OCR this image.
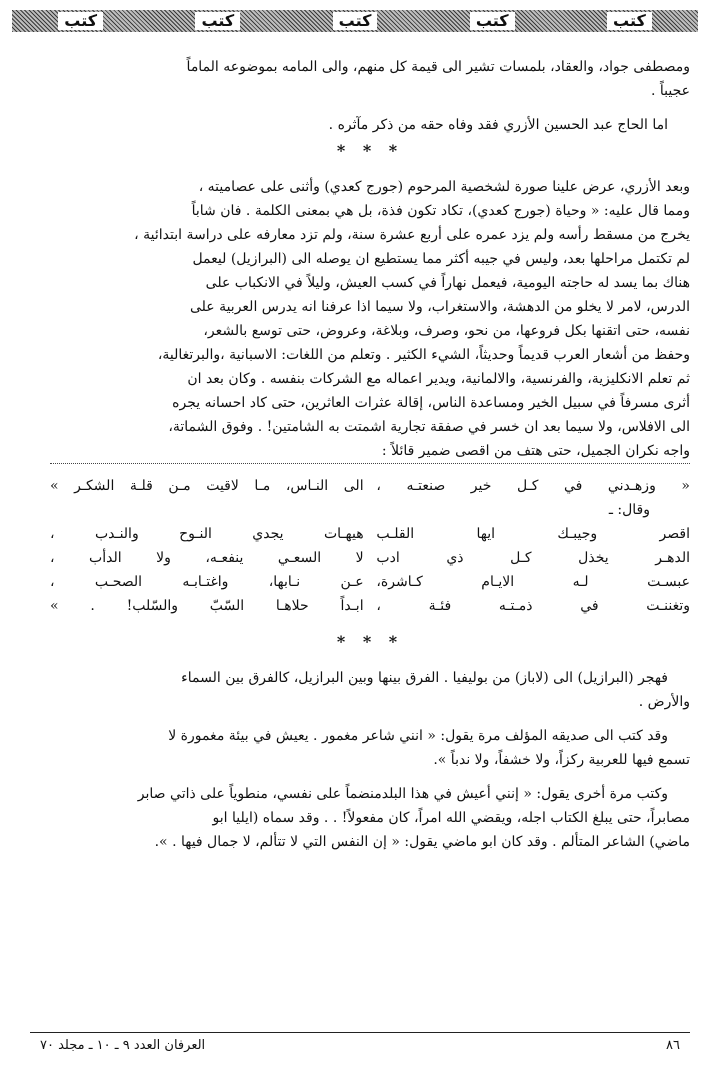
كتب
كتب
كتب
كتب
كتب

ومصطفى جواد، والعقاد، بلمسات تشير الى قيمة كل منهم، والى المامه بموضوعه الماماً
عجيباً .

اما الحاج عبد الحسين الأزري فقد وفاه حقه من ذكر مآثره .

* * *

وبعد الأزري، عرض علينا صورة لشخصية المرحوم (جورج كعدي) وأثنى على عصاميته ،
ومما قال عليه: « وحياة (جورج كعدي)، تكاد تكون فذة، بل هي بمعنى الكلمة . فان شاباً
يخرج من مسقط رأسه ولم يزد عمره على أربع عشرة سنة، ولم تزد معارفه على دراسة ابتدائية ،
لم تكتمل مراحلها بعد، وليس في جيبه أكثر مما يستطيع ان يوصله الى (البرازيل) ليعمل
هناك بما يسد له حاجته اليومية، فيعمل نهاراً في كسب العيش، وليلاً في الانكباب على
الدرس، لامر لا يخلو من الدهشة، والاستغراب، ولا سيما اذا عرفنا انه يدرس العربية على
نفسه، حتى اتقنها بكل فروعها، من نحو، وصرف، وبلاغة، وعروض، حتى توسع بالشعر،
وحفظ من أشعار العرب قديماً وحديثاً، الشيء الكثير . وتعلم من اللغات: الاسبانية ،والبرتغالية،
ثم تعلم الانكليزية، والفرنسية، والالمانية، ويدير اعماله مع الشركات بنفسه . وكان بعد ان
أثرى مسرفاً في سبيل الخير ومساعدة الناس، إقالة عثرات العاثرين، حتى كاد احسانه يجره
الى الافلاس، ولا سيما بعد ان خسر في صفقة تجارية اشمتت به الشامتين! . وفوق الشماتة،
واجه نكران الجميل، حتى هتف من اقصى ضمير قائلاً :

« وزهـدني في كـل خير صنعتـه ،
الى النـاس، مـا لاقيت مـن قلـة الشكـر »
وقال: ـ
اقصر وجيبـك ايها القلـب
هيهـات يجدي النـوح والنـدب ،
الدهـر يخذل كـل ذي ادب
لا السعـي ينفعـه، ولا الدأب ،
عبسـت لـه الايـام كـاشرة،
عـن نـابها، واغتـابـه الصحـب ،
وتغننـت في ذمـتـه فئـة ،
ابـداً حلاهـا السّبّ والسّلب! . »
* * *

فهجر (البرازيل) الى (لاباز) من بوليفيا . الفرق بينها وبين البرازيل، كالفرق بين السماء
والأرض .

وقد كتب الى صديقه المؤلف مرة يقول: « انني شاعر مغمور . يعيش في بيئة مغمورة لا
تسمع فيها للعربية ركزاً، ولا خشفاً، ولا ندباً ».

وكتب مرة أخرى يقول: « إنني أعيش في هذا البلدمنضماً على نفسي، منطوياً على ذاتي صابر
مصابراً، حتى يبلغ الكتاب اجله، ويقضي الله امراً، كان مفعولاً! . . وقد سماه (ايليا ابو
ماضي) الشاعر المتألم . وقد كان ابو ماضي يقول: « إن النفس التي لا تتألم، لا جمال فيها . ».

٨٦
العرفان العدد ٩ ـ ١٠ ـ مجلد ٧٠
